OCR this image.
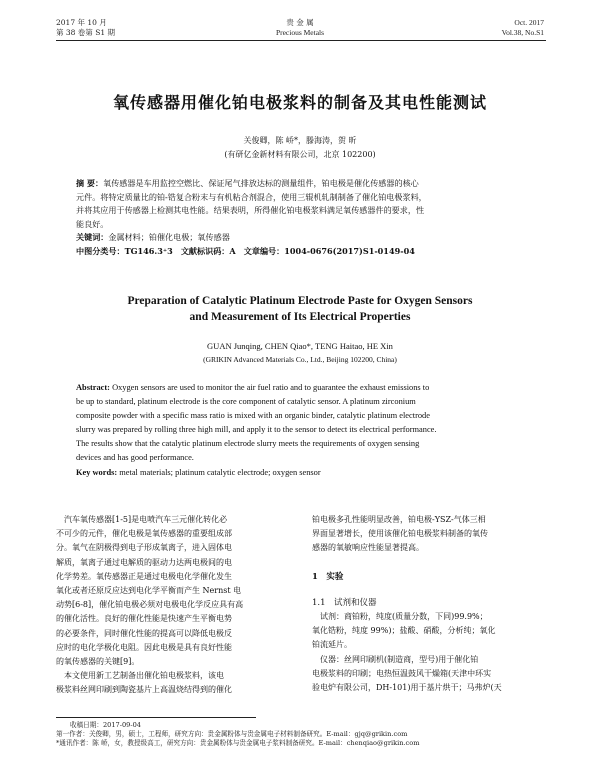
2017 年 10 月
第 38 卷第 S1 期
贵 金 属
Precious Metals
Oct. 2017
Vol.38, No.S1
氧传感器用催化铂电极浆料的制备及其电性能测试
关俊卿，陈 峤*，滕海涛，贺 昕
(有研亿金新材料有限公司，北京 102200)
摘 要：氧传感器是车用监控空燃比、保证尾气排放达标的测量组件，铂电极是催化传感器的核心
元件。将特定质量比的铂-锆复合粉末与有机粘合剂混合，使用三辊机轧制制备了催化铂电极浆料，
并将其应用于传感器上检测其电性能。结果表明，所得催化铂电极浆料满足氧传感器件的要求，性
能良好。
关键词：金属材料；铂催化电极；氧传感器
中图分类号：TG146.3⁺3　文献标识码：A　文章编号：1004-0676(2017)S1-0149-04
Preparation of Catalytic Platinum Electrode Paste for Oxygen Sensors
and Measurement of Its Electrical Properties
GUAN Junqing, CHEN Qiao*, TENG Haitao, HE Xin
(GRIKIN Advanced Materials Co., Ltd., Beijing 102200, China)
Abstract: Oxygen sensors are used to monitor the air fuel ratio and to guarantee the exhaust emissions to
be up to standard, platinum electrode is the core component of catalytic sensor. A platinum zirconium
composite powder with a specific mass ratio is mixed with an organic binder, catalytic platinum electrode
slurry was prepared by rolling three high mill, and apply it to the sensor to detect its electrical performance.
The results show that the catalytic platinum electrode slurry meets the requirements of oxygen sensing
devices and has good performance.
Key words: metal materials; platinum catalytic electrode; oxygen sensor
　汽车氧传感器[1-5]是电喷汽车三元催化转化必
不可少的元件，催化电极是氧传感器的重要组成部
分。氧气在阴极得到电子形成氧离子，进入固体电
解质，氧离子通过电解质的驱动力达两电极间的电
化学势差。氧传感器正是通过电极电化学催化发生
氧化或者还原反应达到电化学平衡而产生 Nernst 电
动势[6-8]，催化铂电极必须对电极电化学反应具有高
的催化活性。良好的催化性能是快速产生平衡电势
的必要条件，同时催化性能的提高可以降低电极反
应时的电化学极化电阻。因此电极是具有良好性能
的氧传感器的关键[9]。
　本文使用新工艺制备出催化铂电极浆料，该电
极浆料丝网印刷到陶瓷基片上高温烧结得到的催化
铂电极多孔性能明显改善，铂电极-YSZ-气体三相
界面显著增长，使用该催化铂电极浆料制备的氧传
感器的氧敏响应性能显著提高。
1　实验
1.1　试剂和仪器
　试剂：商铂粉，纯度(质量分数，下同)99.9%；
氧化锆粉，纯度 99%)；盐酸、硝酸，分析纯；氧化
铂流延片。
　仪器：丝网印刷机(制造商，型号)用于催化铂
电极浆料的印刷；电热恒温鼓风干燥箱(天津中环实
验电炉有限公司，DH-101)用于基片烘干；马弗炉(天
收稿日期：2017-09-04
第一作者：关俊卿，男，硕士，工程师，研究方向：贵金属粉体与贵金属电子材料制备研究。E-mail：gjq@grikin.com
*通讯作者：陈 峤，女，教授级高工，研究方向：贵金属粉体与贵金属电子浆料制备研究。E-mail：chenqiao@grikin.com
